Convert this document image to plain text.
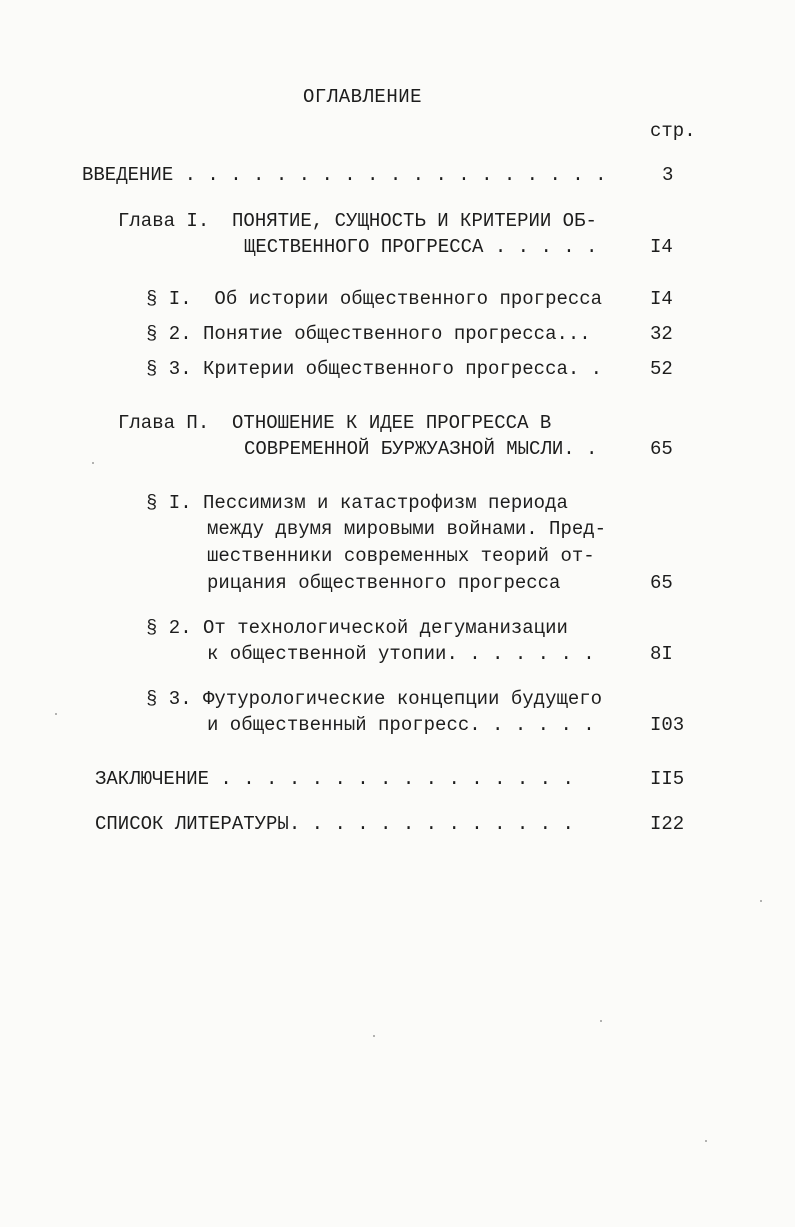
ОГЛАВЛЕНИЕ
стр.
ВВЕДЕНИЕ . . . . . . . . . . . . . . . . . . .	3
Глава I.  ПОНЯТИЕ, СУЩНОСТЬ И КРИТЕРИИ ОБ-
ЩЕСТВЕННОГО ПРОГРЕССА . . . . .	I4
§ I.  Об истории общественного прогресса	I4
§ 2. Понятие общественного прогресса...	32
§ 3. Критерии общественного прогресса. .	52
Глава П.  ОТНОШЕНИЕ К ИДЕЕ ПРОГРЕССА В
СОВРЕМЕННОЙ БУРЖУАЗНОЙ МЫСЛИ. .	65
§ I. Пессимизм и катастрофизм периода
между двумя мировыми войнами. Пред-
шественники современных теорий от-
рицания общественного прогресса	65
§ 2. От технологической дегуманизации
к общественной утопии. . . . . . .	8I
§ 3. Футурологические концепции будущего
и общественный прогресс. . . . . .	I03
ЗАКЛЮЧЕНИЕ . . . . . . . . . . . . . . . .	II5
СПИСОК ЛИТЕРАТУРЫ. . . . . . . . . . . . .	I22
